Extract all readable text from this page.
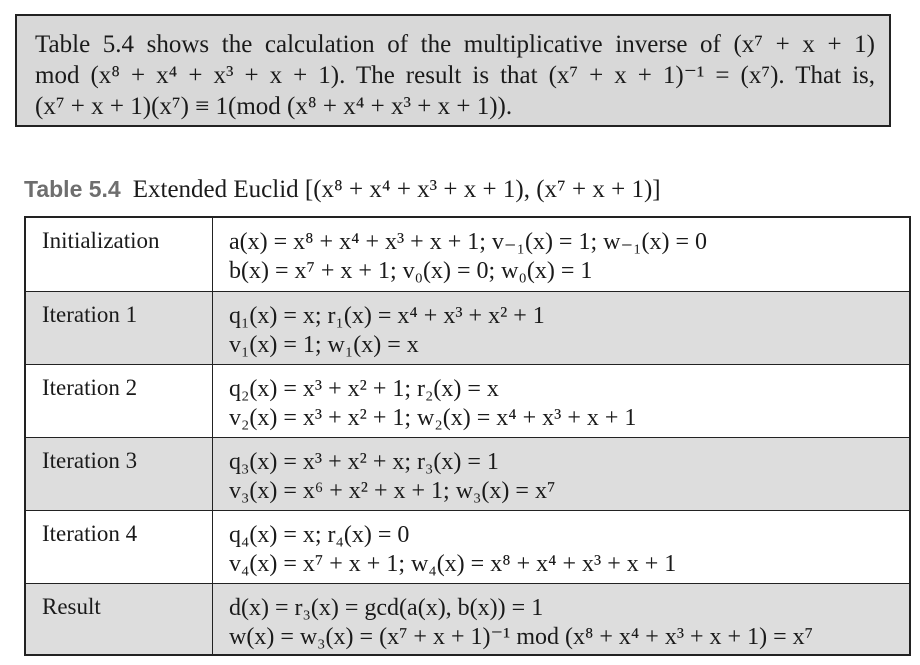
Table 5.4 shows the calculation of the multiplicative inverse of (x⁷ + x + 1)
mod (x⁸ + x⁴ + x³ + x + 1). The result is that (x⁷ + x + 1)⁻¹ = (x⁷). That is,
(x⁷ + x + 1)(x⁷) ≡ 1(mod (x⁸ + x⁴ + x³ + x + 1)).
Table 5.4 Extended Euclid [(x⁸ + x⁴ + x³ + x + 1), (x⁷ + x + 1)]
Initialization	a(x) = x⁸ + x⁴ + x³ + x + 1; v₋₁(x) = 1; w₋₁(x) = 0
b(x) = x⁷ + x + 1; v₀(x) = 0; w₀(x) = 1

Iteration 1	q₁(x) = x; r₁(x) = x⁴ + x³ + x² + 1
v₁(x) = 1; w₁(x) = x

Iteration 2	q₂(x) = x³ + x² + 1; r₂(x) = x
v₂(x) = x³ + x² + 1; w₂(x) = x⁴ + x³ + x + 1

Iteration 3	q₃(x) = x³ + x² + x; r₃(x) = 1
v₃(x) = x⁶ + x² + x + 1; w₃(x) = x⁷

Iteration 4	q₄(x) = x; r₄(x) = 0
v₄(x) = x⁷ + x + 1; w₄(x) = x⁸ + x⁴ + x³ + x + 1

Result	d(x) = r₃(x) = gcd(a(x), b(x)) = 1
w(x) = w₃(x) = (x⁷ + x + 1)⁻¹ mod (x⁸ + x⁴ + x³ + x + 1) = x⁷
